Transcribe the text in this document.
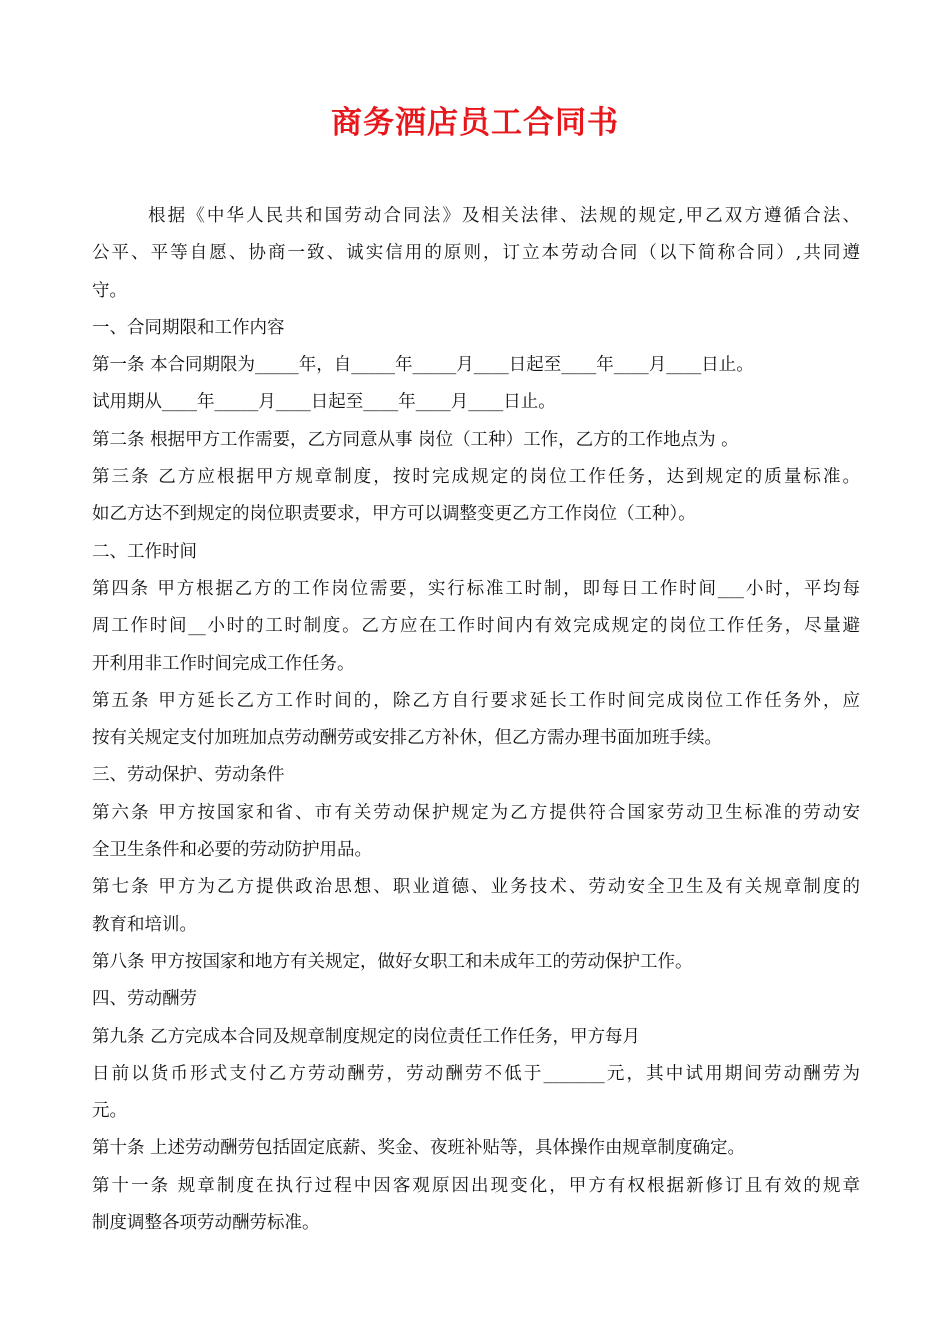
商务酒店员工合同书

根据《中华人民共和国劳动合同法》及相关法律、法规的规定,甲乙双方遵循合法、

公平、平等自愿、协商一致、诚实信用的原则，订立本劳动合同（以下简称合同）,共同遵

守。

一、合同期限和工作内容

第一条 本合同期限为_____年，自_____年_____月____日起至____年____月____日止。

试用期从____年_____月____日起至____年____月____日止。

第二条 根据甲方工作需要，乙方同意从事 岗位（工种）工作，乙方的工作地点为 。

第三条 乙方应根据甲方规章制度，按时完成规定的岗位工作任务，达到规定的质量标准。

如乙方达不到规定的岗位职责要求，甲方可以调整变更乙方工作岗位（工种）。

二、工作时间

第四条 甲方根据乙方的工作岗位需要，实行标准工时制，即每日工作时间___小时，平均每

周工作时间__小时的工时制度。乙方应在工作时间内有效完成规定的岗位工作任务，尽量避

开利用非工作时间完成工作任务。

第五条 甲方延长乙方工作时间的，除乙方自行要求延长工作时间完成岗位工作任务外，应

按有关规定支付加班加点劳动酬劳或安排乙方补休，但乙方需办理书面加班手续。

三、劳动保护、劳动条件

第六条 甲方按国家和省、市有关劳动保护规定为乙方提供符合国家劳动卫生标准的劳动安

全卫生条件和必要的劳动防护用品。

第七条 甲方为乙方提供政治思想、职业道德、业务技术、劳动安全卫生及有关规章制度的

教育和培训。

第八条 甲方按国家和地方有关规定，做好女职工和未成年工的劳动保护工作。

四、劳动酬劳

第九条 乙方完成本合同及规章制度规定的岗位责任工作任务，甲方每月

日前以货币形式支付乙方劳动酬劳，劳动酬劳不低于_______元，其中试用期间劳动酬劳为

元。

第十条 上述劳动酬劳包括固定底薪、奖金、夜班补贴等，具体操作由规章制度确定。

第十一条 规章制度在执行过程中因客观原因出现变化，甲方有权根据新修订且有效的规章

制度调整各项劳动酬劳标准。
